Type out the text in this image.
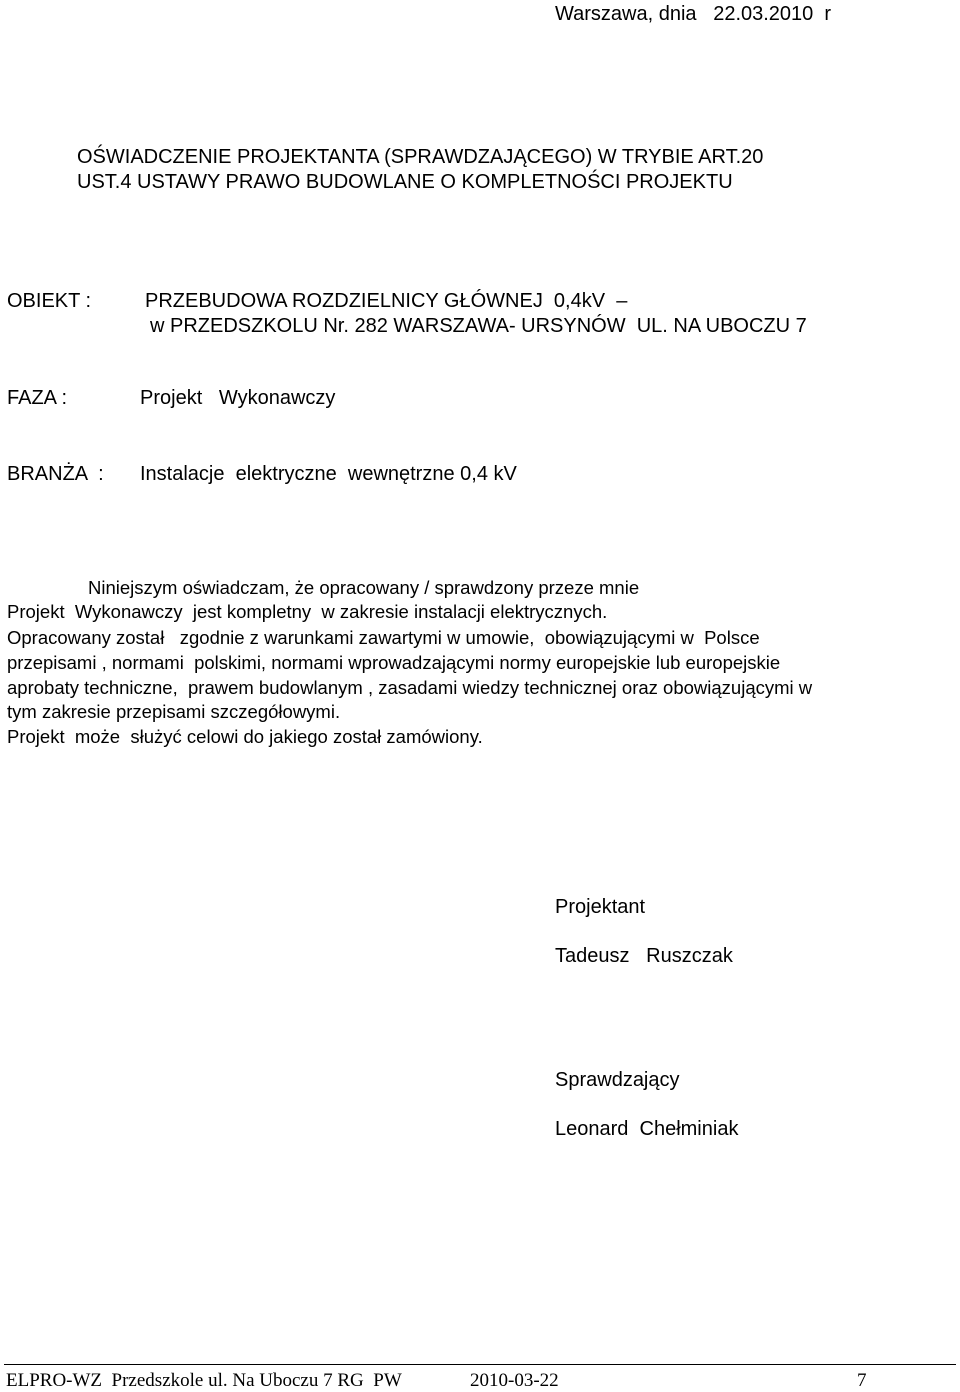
Warszawa, dnia   22.03.2010  r

OŚWIADCZENIE PROJEKTANTA (SPRAWDZAJĄCEGO) W TRYBIE ART.20

UST.4 USTAWY PRAWO BUDOWLANE O KOMPLETNOŚCI PROJEKTU

OBIEKT :	PRZEBUDOWA ROZDZIELNICY GŁÓWNEJ  0,4kV  –

w PRZEDSZKOLU Nr. 282 WARSZAWA- URSYNÓW  UL. NA UBOCZU 7

FAZA :	Projekt   Wykonawczy

BRANŻA  : Instalacje  elektryczne  wewnętrzne 0,4 kV

Niniejszym oświadczam, że opracowany / sprawdzony przeze mnie

Projekt  Wykonawczy  jest kompletny  w zakresie instalacji elektrycznych.

Opracowany został   zgodnie z warunkami zawartymi w umowie,  obowiązującymi w  Polsce

przepisami , normami  polskimi, normami wprowadzającymi normy europejskie lub europejskie

aprobaty techniczne,  prawem budowlanym , zasadami wiedzy technicznej oraz obowiązującymi w

tym zakresie przepisami szczegółowymi.

Projekt  może  służyć celowi do jakiego został zamówiony.

Projektant

Tadeusz   Ruszczak

Sprawdzający

Leonard  Chełminiak

ELPRO-WZ  Przedszkole ul. Na Uboczu 7 RG  PW	2010-03-22	7
